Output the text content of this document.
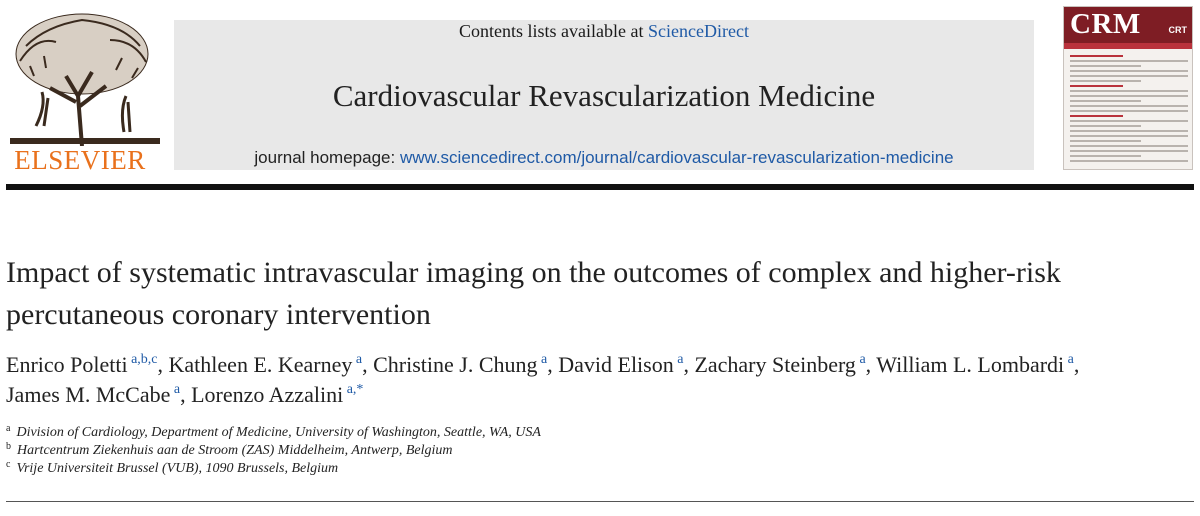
ELSEVIER
Contents lists available at ScienceDirect
Cardiovascular Revascularization Medicine
journal homepage: www.sciencedirect.com/journal/cardiovascular-revascularization-medicine
CRM	CRT
Impact of systematic intravascular imaging on the outcomes of complex and higher-risk percutaneous coronary intervention
Enrico Poletti $^{a,b,c}$, Kathleen E. Kearney $^a$, Christine J. Chung $^a$, David Elison $^a$, Zachary Steinberg $^a$, William L. Lombardi $^a$, James M. McCabe $^a$, Lorenzo Azzalini $^{a,*}$
$^a$ Division of Cardiology, Department of Medicine, University of Washington, Seattle, WA, USA
$^b$ Hartcentrum Ziekenhuis aan de Stroom (ZAS) Middelheim, Antwerp, Belgium
$^c$ Vrije Universiteit Brussel (VUB), 1090 Brussels, Belgium
